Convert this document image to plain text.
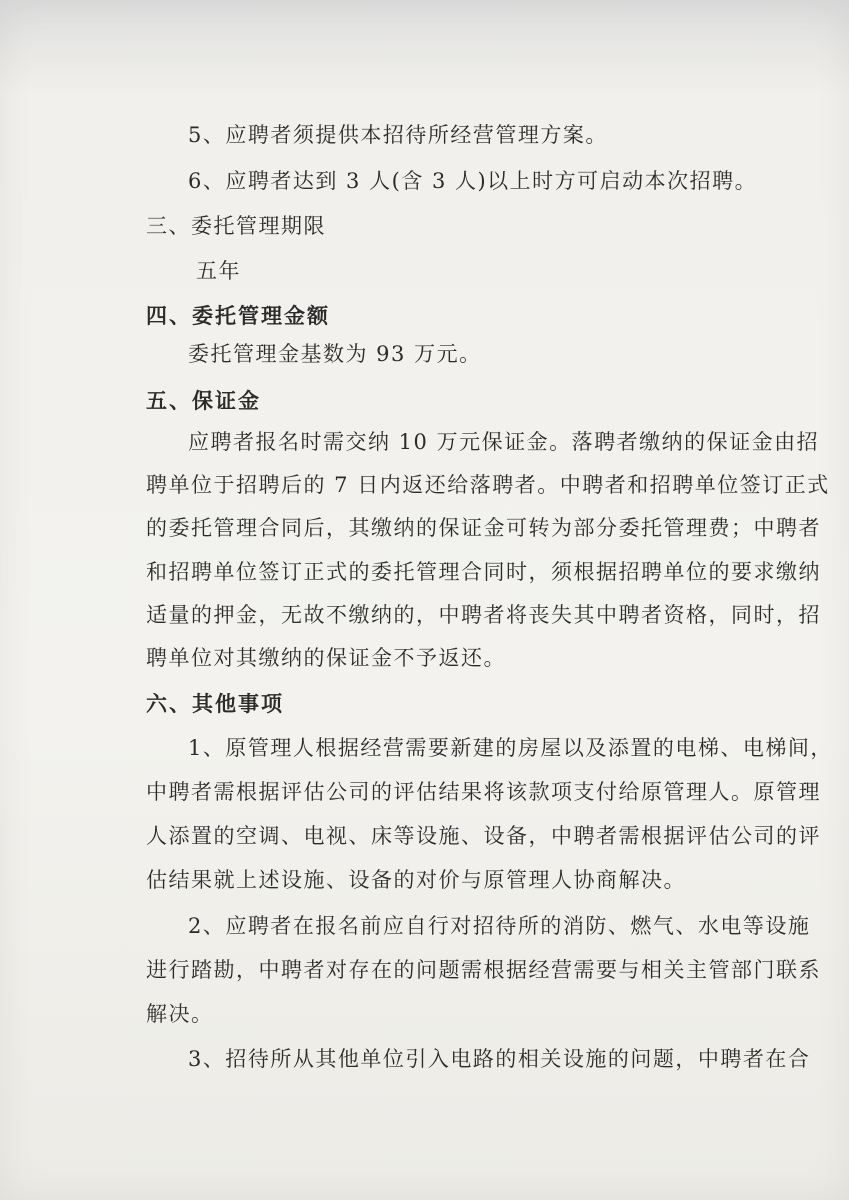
5、应聘者须提供本招待所经营管理方案。
6、应聘者达到 3 人(含 3 人)以上时方可启动本次招聘。
三、委托管理期限
五年
四、委托管理金额
委托管理金基数为 93 万元。
五、保证金
应聘者报名时需交纳 10 万元保证金。落聘者缴纳的保证金由招
聘单位于招聘后的 7 日内返还给落聘者。中聘者和招聘单位签订正式
的委托管理合同后，其缴纳的保证金可转为部分委托管理费；中聘者
和招聘单位签订正式的委托管理合同时，须根据招聘单位的要求缴纳
适量的押金，无故不缴纳的，中聘者将丧失其中聘者资格，同时，招
聘单位对其缴纳的保证金不予返还。
六、其他事项
1、原管理人根据经营需要新建的房屋以及添置的电梯、电梯间，
中聘者需根据评估公司的评估结果将该款项支付给原管理人。原管理
人添置的空调、电视、床等设施、设备，中聘者需根据评估公司的评
估结果就上述设施、设备的对价与原管理人协商解决。
2、应聘者在报名前应自行对招待所的消防、燃气、水电等设施
进行踏勘，中聘者对存在的问题需根据经营需要与相关主管部门联系
解决。
3、招待所从其他单位引入电路的相关设施的问题，中聘者在合
